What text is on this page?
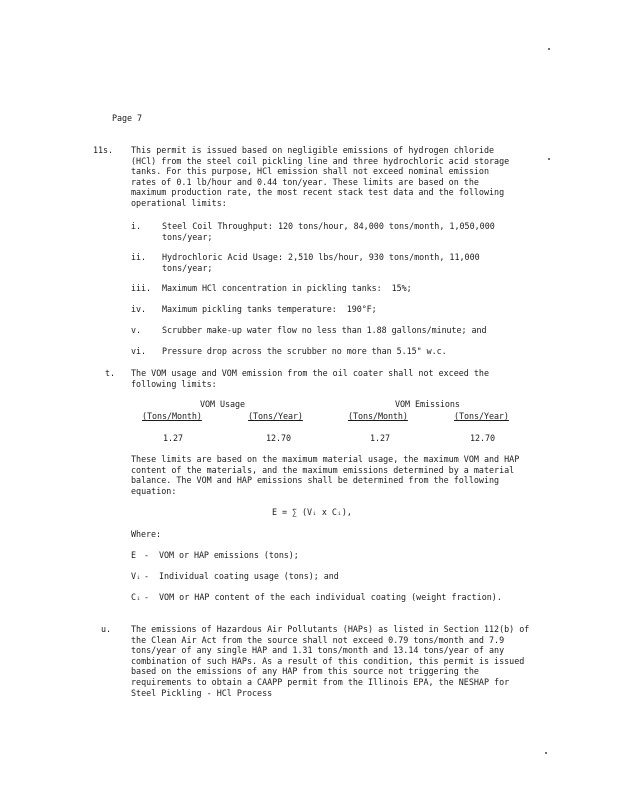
Page 7
11s. This permit is issued based on negligible emissions of hydrogen chloride (HCl) from the steel coil pickling line and three hydrochloric acid storage tanks. For this purpose, HCl emission shall not exceed nominal emission rates of 0.1 lb/hour and 0.44 ton/year. These limits are based on the maximum production rate, the most recent stack test data and the following operational limits:
i.	Steel Coil Throughput: 120 tons/hour, 84,000 tons/month, 1,050,000 tons/year;
ii. Hydrochloric Acid Usage: 2,510 lbs/hour, 930 tons/month, 11,000 tons/year;
iii. Maximum HCl concentration in pickling tanks:  15%;
iv. Maximum pickling tanks temperature:  190°F;
v.	Scrubber make-up water flow no less than 1.88 gallons/minute; and
vi. Pressure drop across the scrubber no more than 5.15" w.c.
t. The VOM usage and VOM emission from the oil coater shall not exceed the following limits:
VOM Usage	VOM Emissions
(Tons/Month)	(Tons/Year)	(Tons/Month)	(Tons/Year)
1.27	12.70	1.27	12.70
These limits are based on the maximum material usage, the maximum VOM and HAP content of the materials, and the maximum emissions determined by a material balance. The VOM and HAP emissions shall be determined from the following equation:
E = ∑ (Vᵢ x Cᵢ),
Where:
E - VOM or HAP emissions (tons);
Vᵢ - Individual coating usage (tons); and
Cᵢ - VOM or HAP content of the each individual coating (weight fraction).
u. The emissions of Hazardous Air Pollutants (HAPs) as listed in Section 112(b) of the Clean Air Act from the source shall not exceed 0.79 tons/month and 7.9 tons/year of any single HAP and 1.31 tons/month and 13.14 tons/year of any combination of such HAPs. As a result of this condition, this permit is issued based on the emissions of any HAP from this source not triggering the requirements to obtain a CAAPP permit from the Illinois EPA, the NESHAP for Steel Pickling - HCl Process
